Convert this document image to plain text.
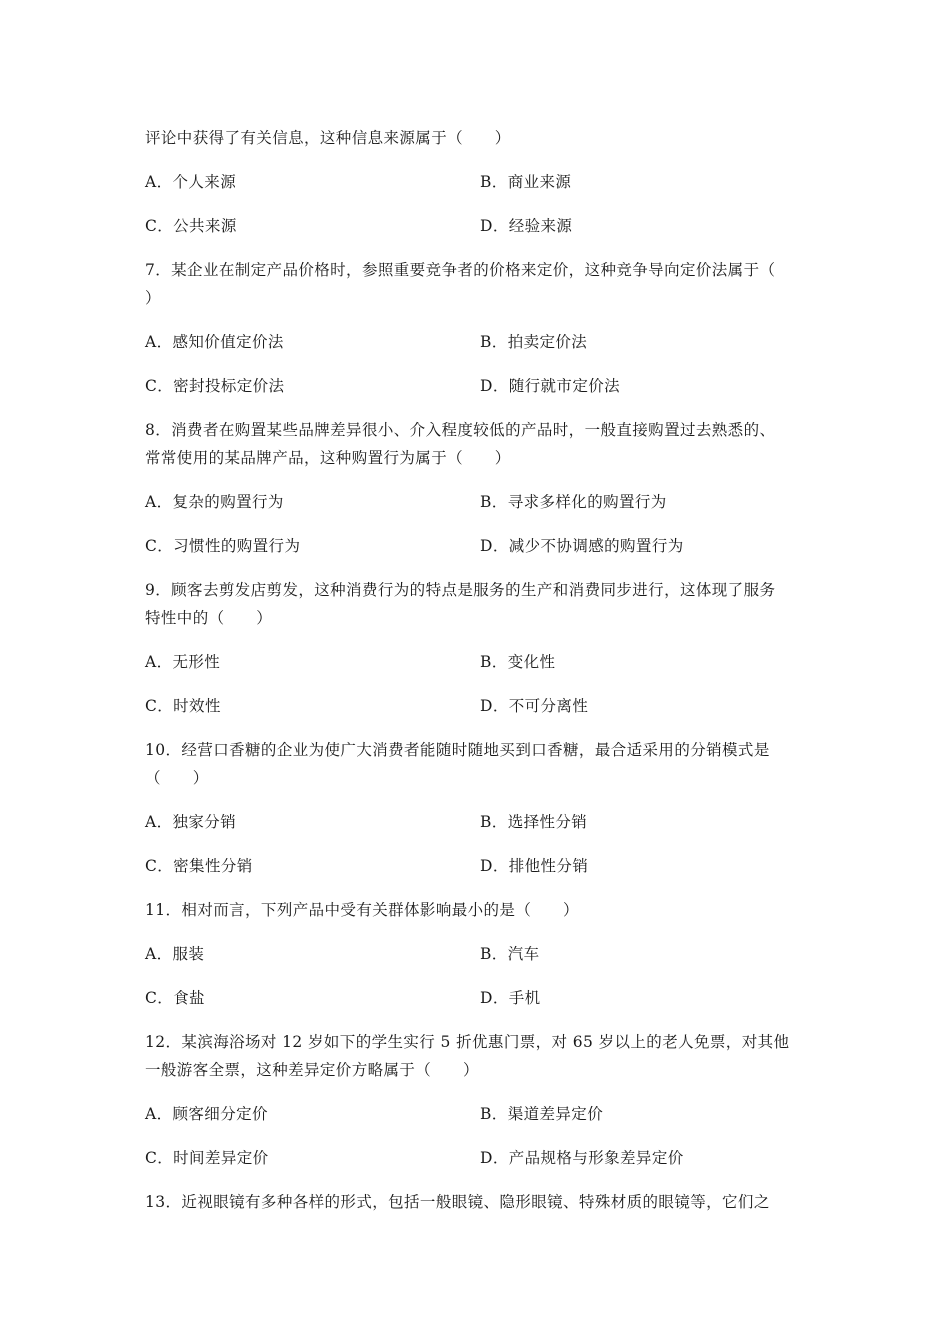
评论中获得了有关信息，这种信息来源属于（　　）
A．个人来源	B．商业来源
C．公共来源	D．经验来源
7．某企业在制定产品价格时，参照重要竞争者的价格来定价，这种竞争导向定价法属于（
）
A．感知价值定价法	B．拍卖定价法
C．密封投标定价法	D．随行就市定价法
8．消费者在购置某些品牌差异很小、介入程度较低的产品时，一般直接购置过去熟悉的、
常常使用的某品牌产品，这种购置行为属于（　　）
A．复杂的购置行为	B．寻求多样化的购置行为
C．习惯性的购置行为	D．减少不协调感的购置行为
9．顾客去剪发店剪发，这种消费行为的特点是服务的生产和消费同步进行，这体现了服务
特性中的（　　）
A．无形性	B．变化性
C．时效性	D．不可分离性
10．经营口香糖的企业为使广大消费者能随时随地买到口香糖，最合适采用的分销模式是
（　　）
A．独家分销	B．选择性分销
C．密集性分销	D．排他性分销
11．相对而言，下列产品中受有关群体影响最小的是（　　）
A．服装	B．汽车
C．食盐	D．手机
12．某滨海浴场对 12 岁如下的学生实行 5 折优惠门票，对 65 岁以上的老人免票，对其他
一般游客全票，这种差异定价方略属于（　　）
A．顾客细分定价	B．渠道差异定价
C．时间差异定价	D．产品规格与形象差异定价
13．近视眼镜有多种各样的形式，包括一般眼镜、隐形眼镜、特殊材质的眼镜等，它们之
